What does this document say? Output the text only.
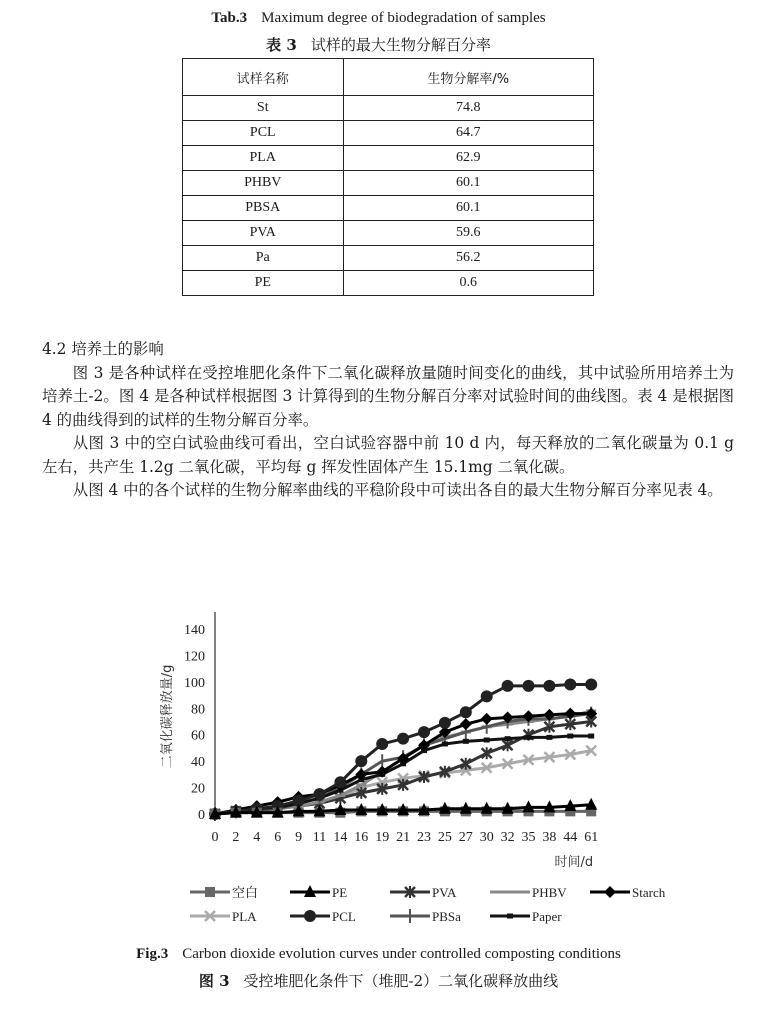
Tab.3 Maximum degree of biodegradation of samples
表 3 试样的最大生物分解百分率
试样名称	生物分解率/%
St	74.8
PCL	64.7
PLA	62.9
PHBV	60.1
PBSA	60.1
PVA	59.6
Pa	56.2
PE	0.6

4.2 培养土的影响

图 3 是各种试样在受控堆肥化条件下二氧化碳释放量随时间变化的曲线，其中试验所用培养土为培养土-2。图 4 是各种试样根据图 3 计算得到的生物分解百分率对试验时间的曲线图。表 4 是根据图 4 的曲线得到的试样的生物分解百分率。

从图 3 中的空白试验曲线可看出，空白试验容器中前 10 d 内，每天释放的二氧化碳量为 0.1 g 左右，共产生 1.2g 二氧化碳，平均每 g 挥发性固体产生 15.1mg 二氧化碳。

从图 4 中的各个试样的生物分解率曲线的平稳阶段中可读出各自的最大生物分解百分率见表 4。

0
20
40
60
80
100
120
140
二氧化碳释放量/g
0 2 4 6 9 11 14 16 19 21 23 25 27 30 32 35 38 44 61
时间/d
空白	PE	PVA	PHBV	Starch
PLA	PCL	PBSa	Paper
Fig.3 Carbon dioxide evolution curves under controlled composting conditions
图 3 受控堆肥化条件下（堆肥-2）二氧化碳释放曲线
